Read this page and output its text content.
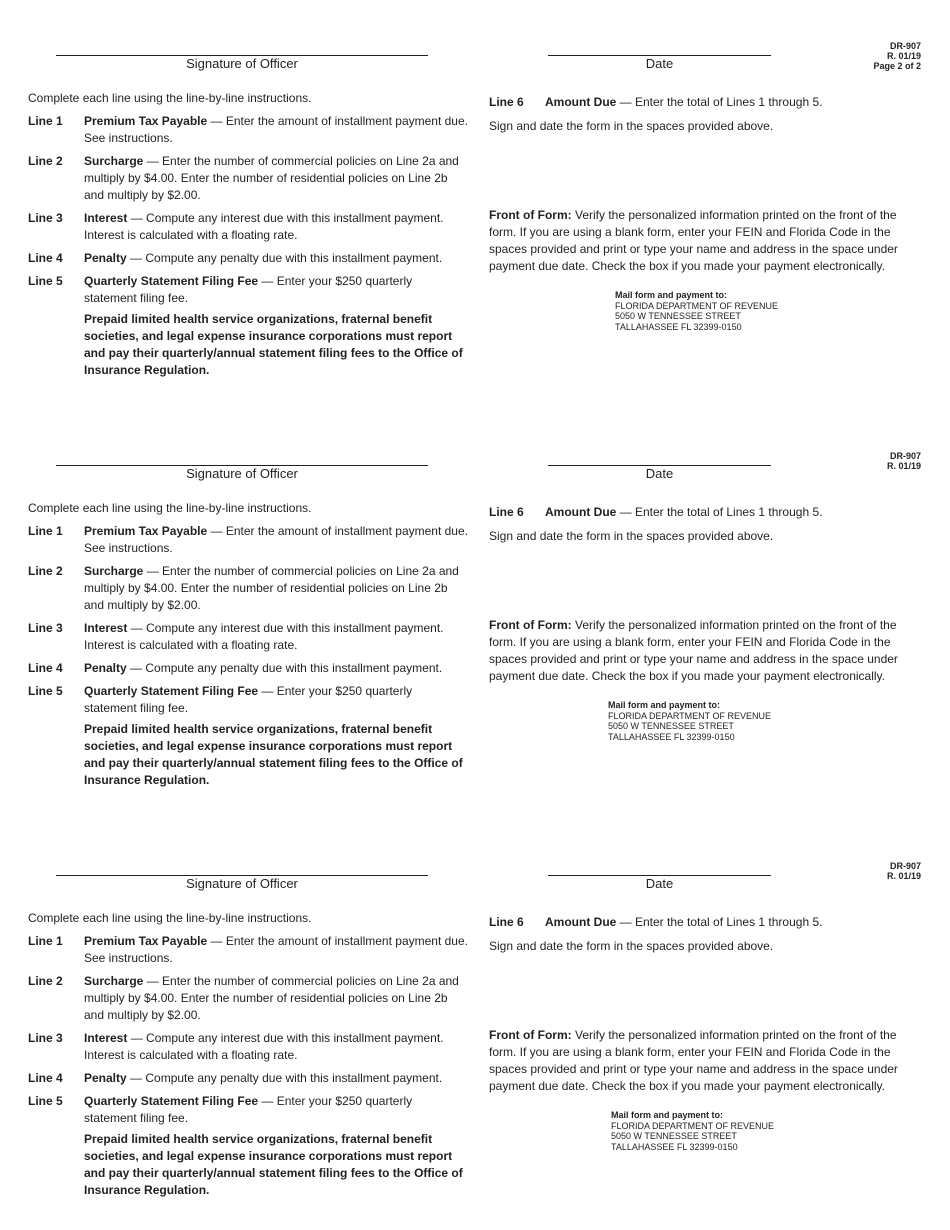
DR-907
R. 01/19
Page 2 of 2
Signature of Officer	Date

Complete each line using the line-by-line instructions.

Line 1	Premium Tax Payable — Enter the amount of installment payment due. See instructions.
Line 2	Surcharge — Enter the number of commercial policies on Line 2a and multiply by $4.00. Enter the number of residential policies on Line 2b and multiply by $2.00.
Line 3	Interest — Compute any interest due with this installment payment. Interest is calculated with a floating rate.
Line 4	Penalty — Compute any penalty due with this installment payment.
Line 5	Quarterly Statement Filing Fee — Enter your $250 quarterly statement filing fee.
Prepaid limited health service organizations, fraternal benefit societies, and legal expense insurance corporations must report and pay their quarterly/annual statement filing fees to the Office of Insurance Regulation.
Line 6	Amount Due — Enter the total of Lines 1 through 5.

Sign and date the form in the spaces provided above.

Front of Form: Verify the personalized information printed on the front of the form. If you are using a blank form, enter your FEIN and Florida Code in the spaces provided and print or type your name and address in the space under payment due date. Check the box if you made your payment electronically.
Mail form and payment to:
FLORIDA DEPARTMENT OF REVENUE
5050 W TENNESSEE STREET
TALLAHASSEE FL 32399-0150
DR-907
R. 01/19
Signature of Officer	Date

Complete each line using the line-by-line instructions.

Line 1	Premium Tax Payable — Enter the amount of installment payment due. See instructions.
Line 2	Surcharge — Enter the number of commercial policies on Line 2a and multiply by $4.00. Enter the number of residential policies on Line 2b and multiply by $2.00.
Line 3	Interest — Compute any interest due with this installment payment. Interest is calculated with a floating rate.
Line 4	Penalty — Compute any penalty due with this installment payment.
Line 5	Quarterly Statement Filing Fee — Enter your $250 quarterly statement filing fee.
Prepaid limited health service organizations, fraternal benefit societies, and legal expense insurance corporations must report and pay their quarterly/annual statement filing fees to the Office of Insurance Regulation.
Line 6	Amount Due — Enter the total of Lines 1 through 5.

Sign and date the form in the spaces provided above.

Front of Form: Verify the personalized information printed on the front of the form. If you are using a blank form, enter your FEIN and Florida Code in the spaces provided and print or type your name and address in the space under payment due date. Check the box if you made your payment electronically.
Mail form and payment to:
FLORIDA DEPARTMENT OF REVENUE
5050 W TENNESSEE STREET
TALLAHASSEE FL 32399-0150
DR-907
R. 01/19
Signature of Officer	Date

Complete each line using the line-by-line instructions.

Line 1	Premium Tax Payable — Enter the amount of installment payment due. See instructions.
Line 2	Surcharge — Enter the number of commercial policies on Line 2a and multiply by $4.00. Enter the number of residential policies on Line 2b and multiply by $2.00.
Line 3	Interest — Compute any interest due with this installment payment. Interest is calculated with a floating rate.
Line 4	Penalty — Compute any penalty due with this installment payment.
Line 5	Quarterly Statement Filing Fee — Enter your $250 quarterly statement filing fee.
Prepaid limited health service organizations, fraternal benefit societies, and legal expense insurance corporations must report and pay their quarterly/annual statement filing fees to the Office of Insurance Regulation.
Line 6	Amount Due — Enter the total of Lines 1 through 5.

Sign and date the form in the spaces provided above.

Front of Form: Verify the personalized information printed on the front of the form. If you are using a blank form, enter your FEIN and Florida Code in the spaces provided and print or type your name and address in the space under payment due date. Check the box if you made your payment electronically.
Mail form and payment to:
FLORIDA DEPARTMENT OF REVENUE
5050 W TENNESSEE STREET
TALLAHASSEE FL 32399-0150
